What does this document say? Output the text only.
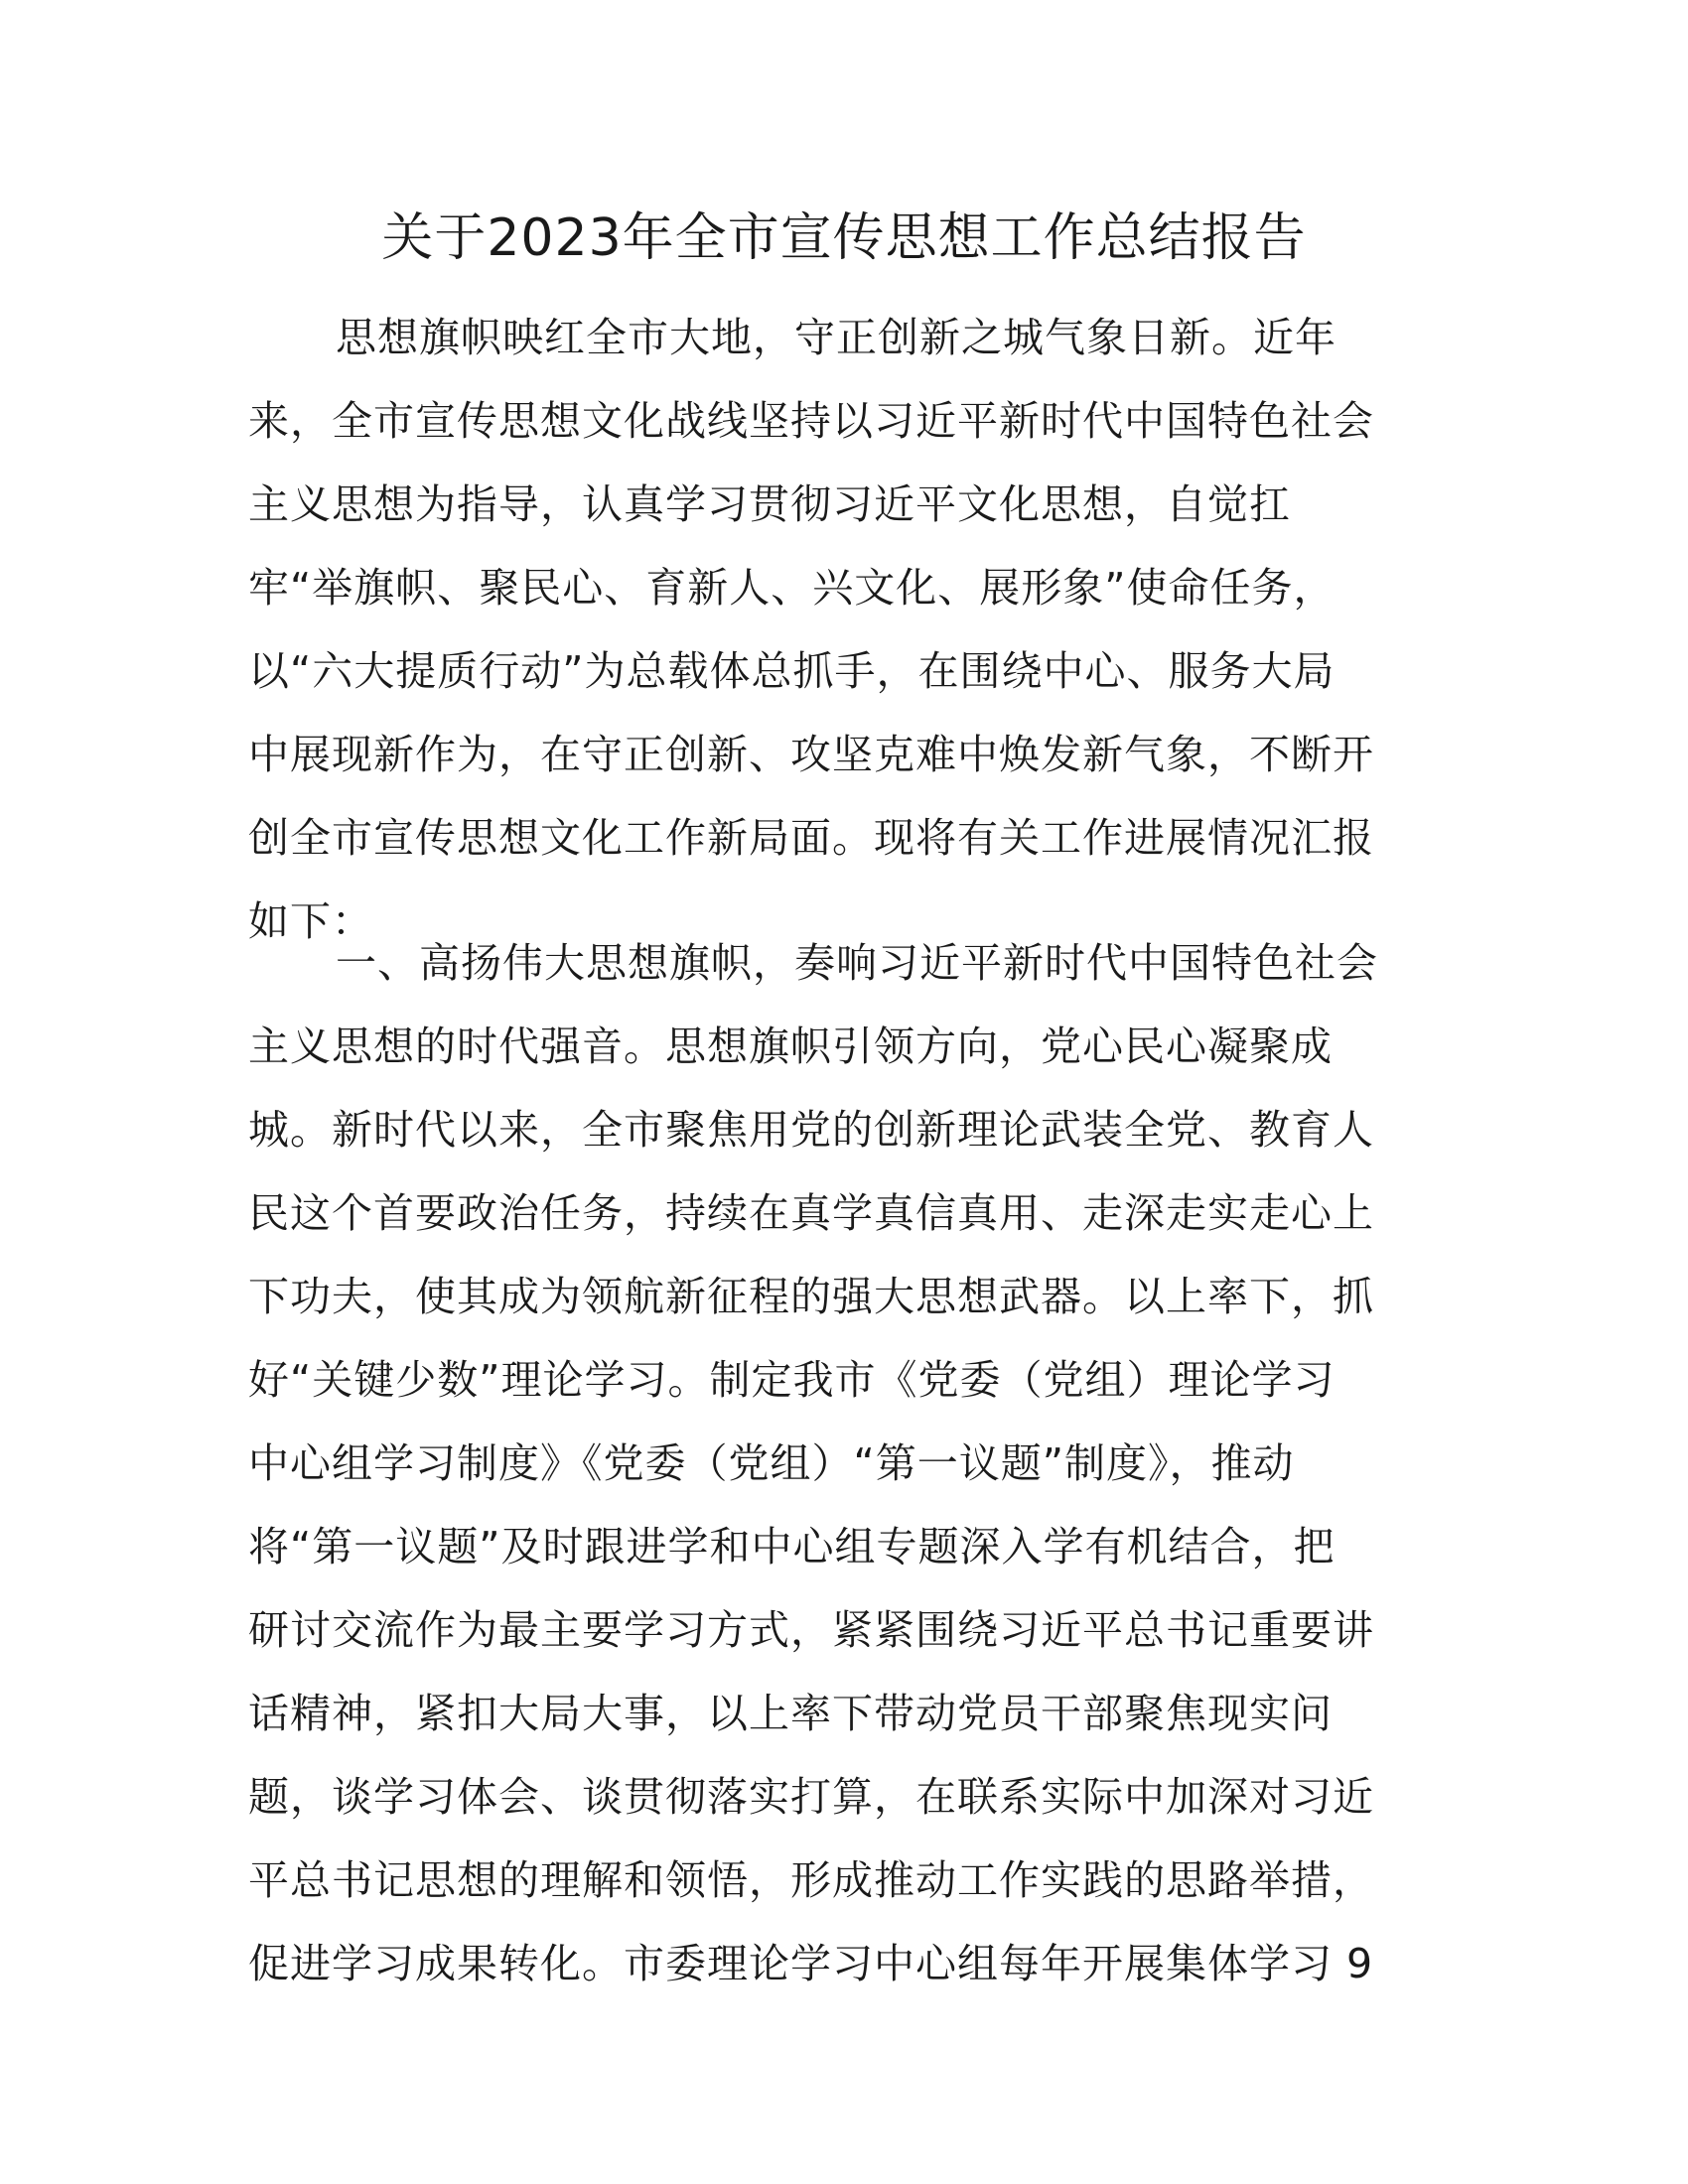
关于2023年全市宣传思想工作总结报告
思想旗帜映红全市大地，守正创新之城气象日新。近年
来，全市宣传思想文化战线坚持以习近平新时代中国特色社会
主义思想为指导，认真学习贯彻习近平文化思想，自觉扛
牢“举旗帜、聚民心、育新人、兴文化、展形象”使命任务，
以“六大提质行动”为总载体总抓手，在围绕中心、服务大局
中展现新作为，在守正创新、攻坚克难中焕发新气象，不断开
创全市宣传思想文化工作新局面。现将有关工作进展情况汇报
如下：
一、高扬伟大思想旗帜，奏响习近平新时代中国特色社会
主义思想的时代强音。思想旗帜引领方向，党心民心凝聚成
城。新时代以来，全市聚焦用党的创新理论武装全党、教育人
民这个首要政治任务，持续在真学真信真用、走深走实走心上
下功夫，使其成为领航新征程的强大思想武器。以上率下，抓
好“关键少数”理论学习。制定我市《党委（党组）理论学习
中心组学习制度》《党委（党组）“第一议题”制度》，推动
将“第一议题”及时跟进学和中心组专题深入学有机结合，把
研讨交流作为最主要学习方式，紧紧围绕习近平总书记重要讲
话精神，紧扣大局大事，以上率下带动党员干部聚焦现实问
题，谈学习体会、谈贯彻落实打算，在联系实际中加深对习近
平总书记思想的理解和领悟，形成推动工作实践的思路举措，
促进学习成果转化。市委理论学习中心组每年开展集体学习 9
